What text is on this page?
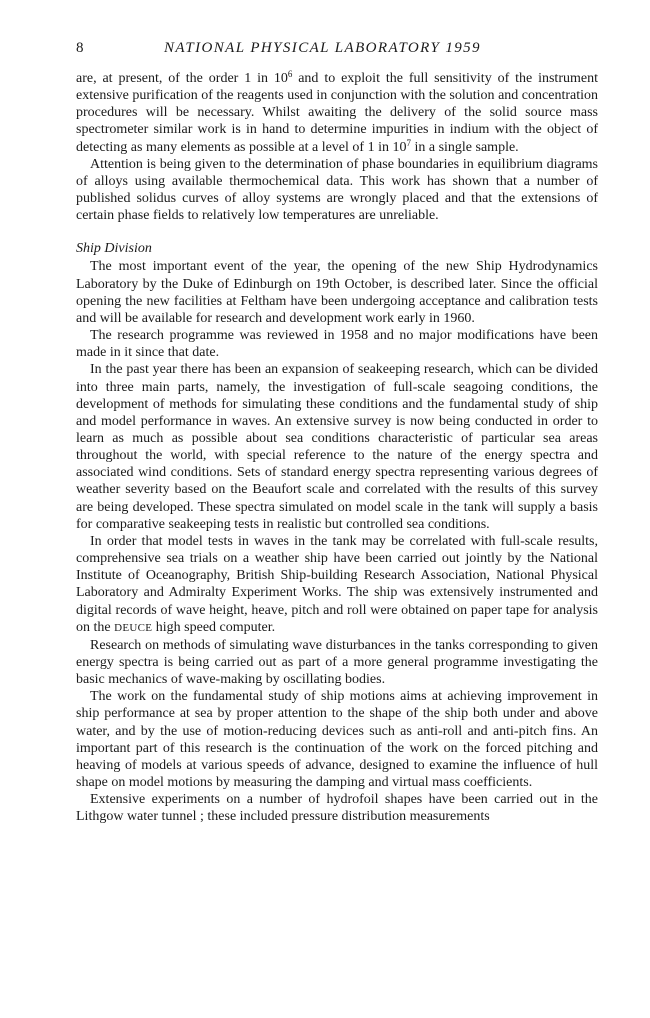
8	NATIONAL PHYSICAL LABORATORY 1959

are, at present, of the order 1 in $10^6$ and to exploit the full sensitivity of the instrument extensive purification of the reagents used in conjunction with the solution and concentration procedures will be necessary. Whilst awaiting the delivery of the solid source mass spectrometer similar work is in hand to determine impurities in indium with the object of detecting as many elements as possible at a level of 1 in $10^7$ in a single sample.

Attention is being given to the determination of phase boundaries in equilibrium diagrams of alloys using available thermochemical data. This work has shown that a number of published solidus curves of alloy systems are wrongly placed and that the extensions of certain phase fields to relatively low temperatures are unreliable.

Ship Division

The most important event of the year, the opening of the new Ship Hydrodynamics Laboratory by the Duke of Edinburgh on 19th October, is described later. Since the official opening the new facilities at Feltham have been undergoing acceptance and calibration tests and will be available for research and development work early in 1960.

The research programme was reviewed in 1958 and no major modifications have been made in it since that date.

In the past year there has been an expansion of seakeeping research, which can be divided into three main parts, namely, the investigation of full-scale seagoing conditions, the development of methods for simulating these conditions and the fundamental study of ship and model performance in waves. An extensive survey is now being conducted in order to learn as much as possible about sea conditions characteristic of particular sea areas throughout the world, with special reference to the nature of the energy spectra and associated wind conditions. Sets of standard energy spectra representing various degrees of weather severity based on the Beaufort scale and correlated with the results of this survey are being developed. These spectra simulated on model scale in the tank will supply a basis for comparative seakeeping tests in realistic but controlled sea conditions.

In order that model tests in waves in the tank may be correlated with full-scale results, comprehensive sea trials on a weather ship have been carried out jointly by the National Institute of Oceanography, British Ship-building Research Association, National Physical Laboratory and Admiralty Experiment Works. The ship was extensively instrumented and digital records of wave height, heave, pitch and roll were obtained on paper tape for analysis on the DEUCE high speed computer.

Research on methods of simulating wave disturbances in the tanks corresponding to given energy spectra is being carried out as part of a more general programme investigating the basic mechanics of wave-making by oscillating bodies.

The work on the fundamental study of ship motions aims at achieving improvement in ship performance at sea by proper attention to the shape of the ship both under and above water, and by the use of motion-reducing devices such as anti-roll and anti-pitch fins. An important part of this research is the continuation of the work on the forced pitching and heaving of models at various speeds of advance, designed to examine the influence of hull shape on model motions by measuring the damping and virtual mass coefficients.

Extensive experiments on a number of hydrofoil shapes have been carried out in the Lithgow water tunnel ; these included pressure distribution measurements
